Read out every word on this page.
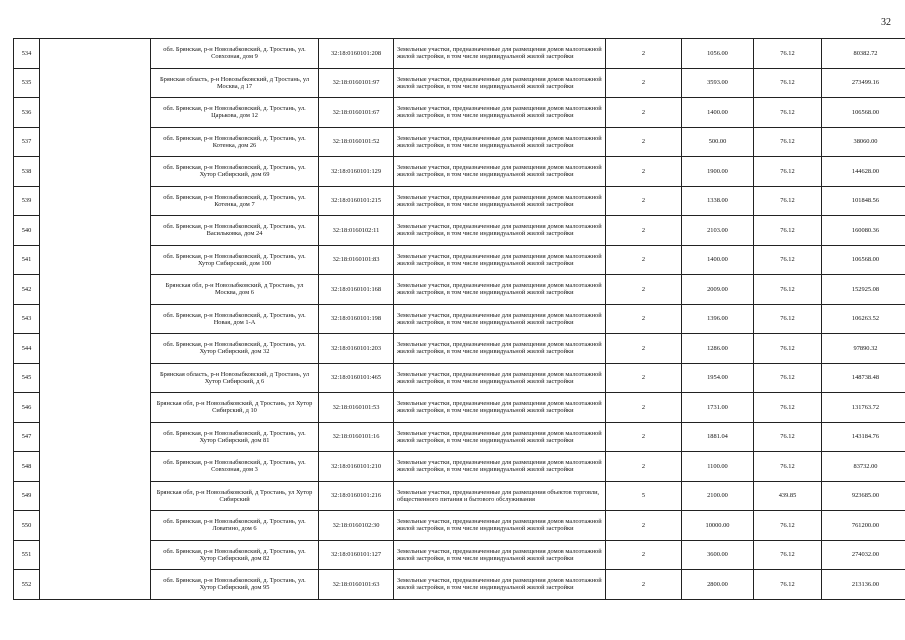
32
534		обл. Брянская, р-н Новозыбковский, д. Тростань, ул. Совхозная, дом 9	32:18:0160101:208	Земельные участки, предназначенные для размещения домов малоэтажной жилой застройки, в том числе индивидуальной жилой застройки	2	1056.00	76.12	80382.72
535		Брянская область, р-н Новозыбковский, д Тростань, ул Москва, д 17	32:18:0160101:97	Земельные участки, предназначенные для размещения домов малоэтажной жилой застройки, в том числе индивидуальной жилой застройки	2	3593.00	76.12	273499.16
536		обл. Брянская, р-н Новозыбковский, д. Тростань, ул. Царькова, дом 12	32:18:0160101:67	Земельные участки, предназначенные для размещения домов малоэтажной жилой застройки, в том числе индивидуальной жилой застройки	2	1400.00	76.12	106568.00
537		обл. Брянская, р-н Новозыбковский, д. Тростань, ул. Котенка, дом 26	32:18:0160101:52	Земельные участки, предназначенные для размещения домов малоэтажной жилой застройки, в том числе индивидуальной жилой застройки	2	500.00	76.12	38060.00
538		обл. Брянская, р-н Новозыбковский, д. Тростань, ул. Хутор Сибирский, дом 69	32:18:0160101:129	Земельные участки, предназначенные для размещения домов малоэтажной жилой застройки, в том числе индивидуальной жилой застройки	2	1900.00	76.12	144628.00
539		обл. Брянская, р-н Новозыбковский, д. Тростань, ул. Котенка, дом 7	32:18:0160101:215	Земельные участки, предназначенные для размещения домов малоэтажной жилой застройки, в том числе индивидуальной жилой застройки	2	1338.00	76.12	101848.56
540		обл. Брянская, р-н Новозыбковский, д. Тростань, ул. Васильковка, дом 24	32:18:0160102:11	Земельные участки, предназначенные для размещения домов малоэтажной жилой застройки, в том числе индивидуальной жилой застройки	2	2103.00	76.12	160080.36
541		обл. Брянская, р-н Новозыбковский, д. Тростань, ул. Хутор Сибирский, дом 100	32:18:0160101:83	Земельные участки, предназначенные для размещения домов малоэтажной жилой застройки, в том числе индивидуальной жилой застройки	2	1400.00	76.12	106568.00
542		Брянская обл, р-н Новозыбковский, д Тростань, ул Москва, дом 6	32:18:0160101:168	Земельные участки, предназначенные для размещения домов малоэтажной жилой застройки, в том числе индивидуальной жилой застройки	2	2009.00	76.12	152925.08
543		обл. Брянская, р-н Новозыбковский, д. Тростань, ул. Новая, дом 1-А	32:18:0160101:198	Земельные участки, предназначенные для размещения домов малоэтажной жилой застройки, в том числе индивидуальной жилой застройки	2	1396.00	76.12	106263.52
544		обл. Брянская, р-н Новозыбковский, д. Тростань, ул. Хутор Сибирский, дом 32	32:18:0160101:203	Земельные участки, предназначенные для размещения домов малоэтажной жилой застройки, в том числе индивидуальной жилой застройки	2	1286.00	76.12	97890.32
545		Брянская область, р-н Новозыбковский, д Тростань, ул Хутор Сибирский, д 6	32:18:0160101:465	Земельные участки, предназначенные для размещения домов малоэтажной жилой застройки, в том числе индивидуальной жилой застройки	2	1954.00	76.12	148738.48
546		Брянская обл, р-н Новозыбковский, д Тростань, ул Хутор Сибирский, д 10	32:18:0160101:53	Земельные участки, предназначенные для размещения домов малоэтажной жилой застройки, в том числе индивидуальной жилой застройки	2	1731.00	76.12	131763.72
547		обл. Брянская, р-н Новозыбковский, д. Тростань, ул. Хутор Сибирский, дом 81	32:18:0160101:16	Земельные участки, предназначенные для размещения домов малоэтажной жилой застройки, в том числе индивидуальной жилой застройки	2	1881.04	76.12	143184.76
548		обл. Брянская, р-н Новозыбковский, д. Тростань, ул. Совхозная, дом 3	32:18:0160101:210	Земельные участки, предназначенные для размещения домов малоэтажной жилой застройки, в том числе индивидуальной жилой застройки	2	1100.00	76.12	83732.00
549		Брянская обл, р-н Новозыбковский, д Тростань, ул Хутор Сибирский	32:18:0160101:216	Земельные участки, предназначенные для размещения объектов торговли, общественного питания и бытового обслуживания	5	2100.00	439.85	923685.00
550		обл. Брянская, р-н Новозыбковский, д. Тростань, ул. Ловатино, дом 6	32:18:0160102:30	Земельные участки, предназначенные для размещения домов малоэтажной жилой застройки, в том числе индивидуальной жилой застройки	2	10000.00	76.12	761200.00
551		обл. Брянская, р-н Новозыбковский, д. Тростань, ул. Хутор Сибирский, дом 82	32:18:0160101:127	Земельные участки, предназначенные для размещения домов малоэтажной жилой застройки, в том числе индивидуальной жилой застройки	2	3600.00	76.12	274032.00
552		обл. Брянская, р-н Новозыбковский, д. Тростань, ул. Хутор Сибирский, дом 95	32:18:0160101:63	Земельные участки, предназначенные для размещения домов малоэтажной жилой застройки, в том числе индивидуальной жилой застройки	2	2800.00	76.12	213136.00
